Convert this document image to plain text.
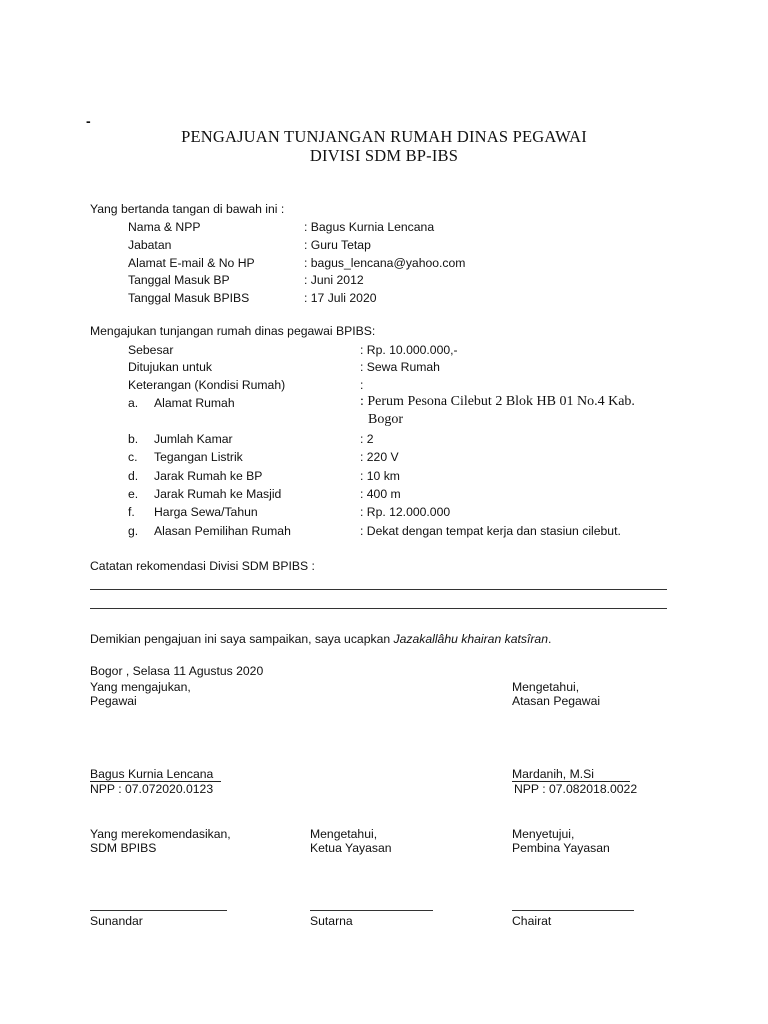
-
PENGAJUAN TUNJANGAN RUMAH DINAS PEGAWAI
DIVISI SDM BP-IBS
Yang bertanda tangan di bawah ini :
Nama & NPP	: Bagus Kurnia Lencana
Jabatan	: Guru Tetap
Alamat E-mail & No HP	: bagus_lencana@yahoo.com
Tanggal Masuk BP	: Juni 2012
Tanggal Masuk BPIBS	: 17 Juli 2020
Mengajukan tunjangan rumah dinas pegawai BPIBS:
Sebesar	: Rp. 10.000.000,-
Ditujukan untuk	: Sewa Rumah
Keterangan (Kondisi Rumah)	:
a. Alamat Rumah	: Perum Pesona Cilebut 2 Blok HB 01 No.4 Kab.
Bogor
b. Jumlah Kamar	: 2
c. Tegangan Listrik	: 220 V
d. Jarak Rumah ke BP	: 10 km
e. Jarak Rumah ke Masjid	: 400 m
f. Harga Sewa/Tahun	: Rp. 12.000.000
g. Alasan Pemilihan Rumah	: Dekat dengan tempat kerja dan stasiun cilebut.
Catatan rekomendasi Divisi SDM BPIBS :
Demikian pengajuan ini saya sampaikan, saya ucapkan Jazakallâhu khairan katsîran.
Bogor , Selasa 11 Agustus 2020
Yang mengajukan,
Pegawai
Bagus Kurnia Lencana
NPP : 07.072020.0123
Mengetahui,
Atasan Pegawai
Mardanih, M.Si
NPP : 07.082018.0022
Yang merekomendasikan,
SDM BPIBS
Sunandar
Mengetahui,
Ketua Yayasan
Sutarna
Menyetujui,
Pembina Yayasan
Chairat
